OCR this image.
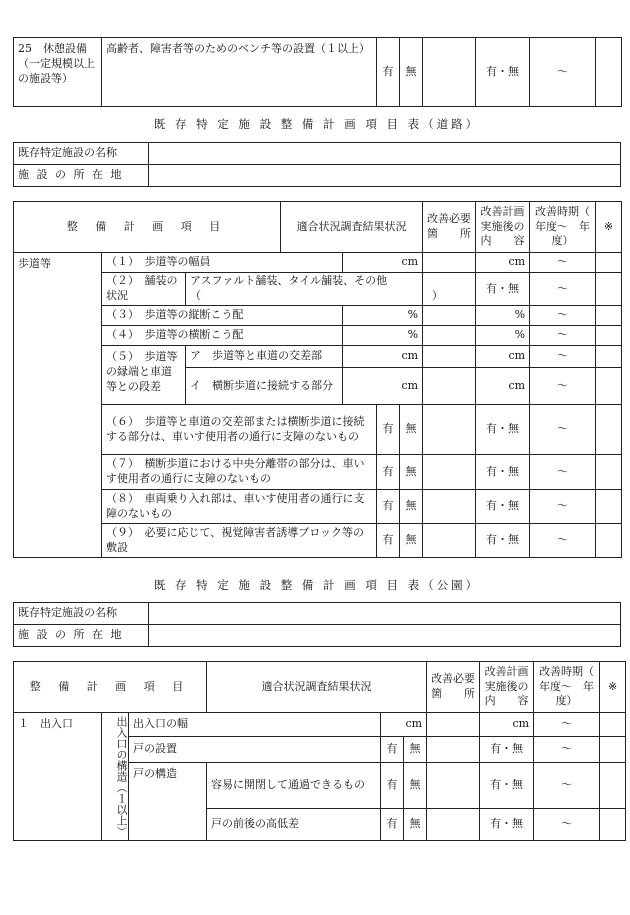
25　休憩設備（一定規模以上の施設等）	高齢者、障害者等のためのベンチ等の設置（１以上）	有	無		有・無	～	
既 存 特 定 施 設 整 備 計 画 項 目 表（道路）
既存特定施設の名称	
施 設 の 所 在 地	
整 備 計 画 項 目			適合状況調査結果状況				改善必要箇　　所	改善計画実施後の内　　容	改善時期（　年度～　年度）	※
歩道等	（１）　歩道等の幅員			cm				cm	～	
	（２）　舗装の状況	アスファルト舗装、タイル舗装、その他（　　　　　　　　　　　　　　　　　　　　　）						有・無	～	
	（３）　歩道等の縦断こう配			%				%	～	
	（４）　歩道等の横断こう配			%				%	～	
	（５）　歩道等の縁端と車道等との段差	ア　歩道等と車道の交差部		cm				cm	～	
		イ　横断歩道に接続する部分		cm				cm	～	
	（６）　歩道等と車道の交差部または横断歩道に接続する部分は、車いす使用者の通行に支障のないもの				有	無		有・無	～	
	（７）　横断歩道における中央分離帯の部分は、車いす使用者の通行に支障のないもの				有	無		有・無	～	
	（８）　車両乗り入れ部は、車いす使用者の通行に支障のないもの				有	無		有・無	～	
	（９）　必要に応じて、視覚障害者誘導ブロック等の敷設				有	無		有・無	～	
既 存 特 定 施 設 整 備 計 画 項 目 表（公園）
既存特定施設の名称	
施 設 の 所 在 地	
整 備 計 画 項 目			適合状況調査結果状況			改善必要箇　　所	改善計画実施後の内　　容	改善時期（　年度～　年度）	※
１　出入口	出入口の構造（１以上）	出入口の幅		cm			cm	～	
		戸の設置		有	無		有・無	～	
		戸の構造	容易に開閉して通過できるもの	有	無		有・無	～	
			戸の前後の高低差	有	無		有・無	～	
